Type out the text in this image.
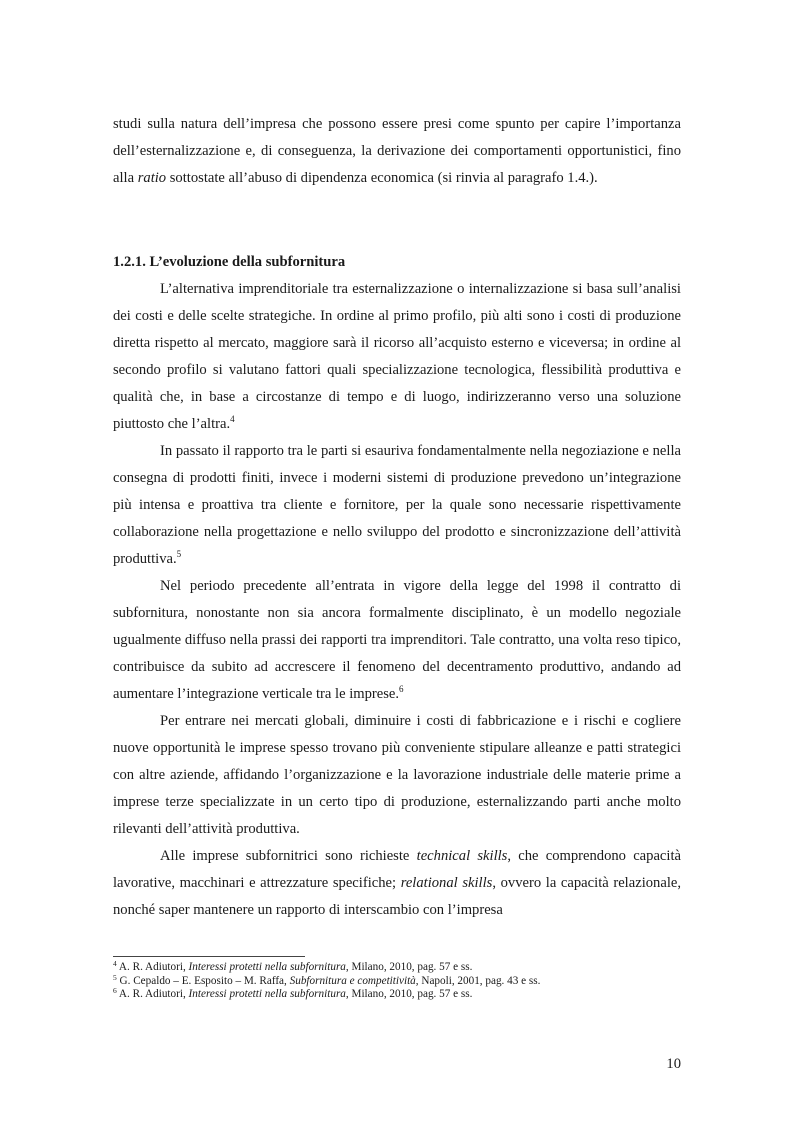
studi sulla natura dell’impresa che possono essere presi come spunto per capire l’importanza dell’esternalizzazione e, di conseguenza, la derivazione dei comportamenti opportunistici, fino alla ratio sottostate all’abuso di dipendenza economica (si rinvia al paragrafo 1.4.).

1.2.1. L’evoluzione della subfornitura

L’alternativa imprenditoriale tra esternalizzazione o internalizzazione si basa sull’analisi dei costi e delle scelte strategiche. In ordine al primo profilo, più alti sono i costi di produzione diretta rispetto al mercato, maggiore sarà il ricorso all’acquisto esterno e viceversa; in ordine al secondo profilo si valutano fattori quali specializzazione tecnologica, flessibilità produttiva e qualità che, in base a circostanze di tempo e di luogo, indirizzeranno verso una soluzione piuttosto che l’altra.$^4$

In passato il rapporto tra le parti si esauriva fondamentalmente nella negoziazione e nella consegna di prodotti finiti, invece i moderni sistemi di produzione prevedono un’integrazione più intensa e proattiva tra cliente e fornitore, per la quale sono necessarie rispettivamente collaborazione nella progettazione e nello sviluppo del prodotto e sincronizzazione dell’attività produttiva.$^5$

Nel periodo precedente all’entrata in vigore della legge del 1998 il contratto di subfornitura, nonostante non sia ancora formalmente disciplinato, è un modello negoziale ugualmente diffuso nella prassi dei rapporti tra imprenditori. Tale contratto, una volta reso tipico, contribuisce da subito ad accrescere il fenomeno del decentramento produttivo, andando ad aumentare l’integrazione verticale tra le imprese.$^6$

Per entrare nei mercati globali, diminuire i costi di fabbricazione e i rischi e cogliere nuove opportunità le imprese spesso trovano più conveniente stipulare alleanze e patti strategici con altre aziende, affidando l’organizzazione e la lavorazione industriale delle materie prime a imprese terze specializzate in un certo tipo di produzione, esternalizzando parti anche molto rilevanti dell’attività produttiva.

Alle imprese subfornitrici sono richieste technical skills, che comprendono capacità lavorative, macchinari e attrezzature specifiche; relational skills, ovvero la capacità relazionale, nonché saper mantenere un rapporto di interscambio con l’impresa

$^4$ A. R. Adiutori, Interessi protetti nella subfornitura, Milano, 2010, pag. 57 e ss.

$^5$ G. Cepaldo – E. Esposito – M. Raffa, Subfornitura e competitività, Napoli, 2001, pag. 43 e ss.

$^6$ A. R. Adiutori, Interessi protetti nella subfornitura, Milano, 2010, pag. 57 e ss.

10
